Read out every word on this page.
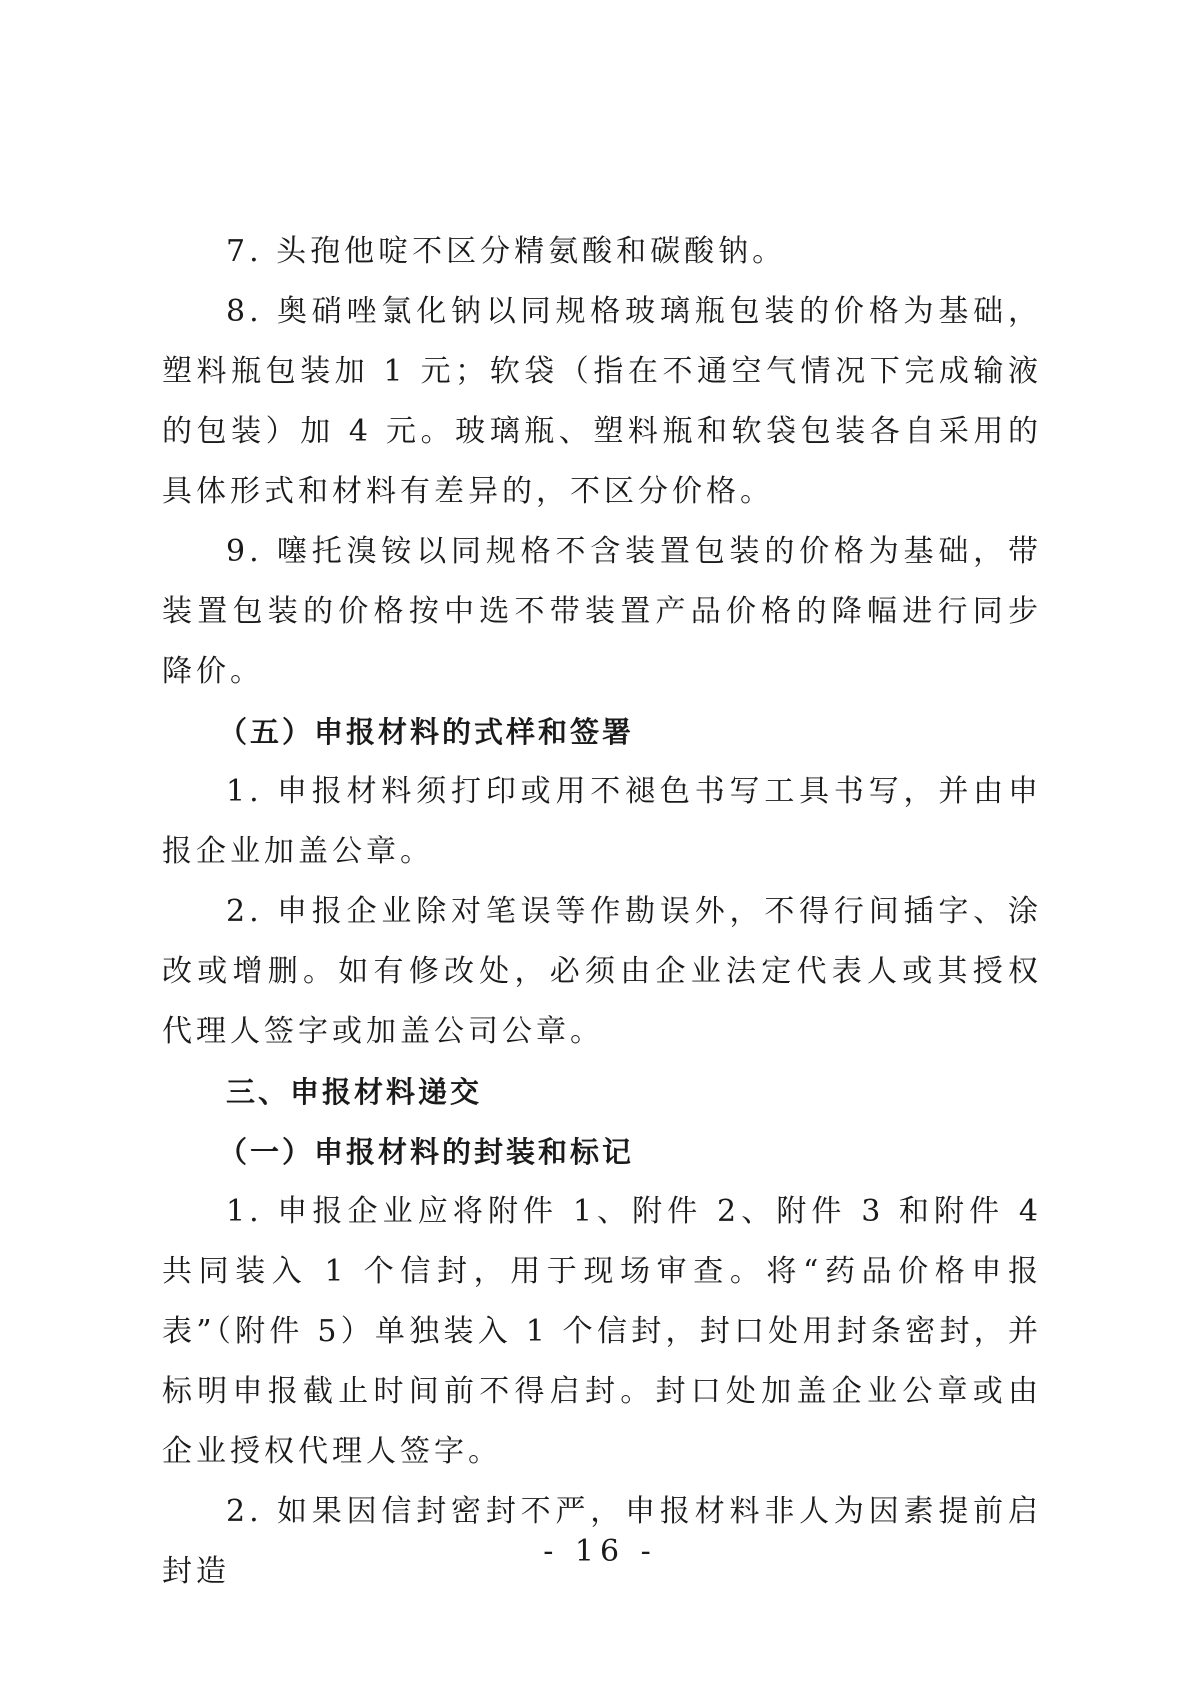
7. 头孢他啶不区分精氨酸和碳酸钠。

8. 奥硝唑氯化钠以同规格玻璃瓶包装的价格为基础，塑料瓶包装加 1 元；软袋（指在不通空气情况下完成输液的包装）加 4 元。玻璃瓶、塑料瓶和软袋包装各自采用的具体形式和材料有差异的，不区分价格。

9. 噻托溴铵以同规格不含装置包装的价格为基础，带装置包装的价格按中选不带装置产品价格的降幅进行同步降价。

（五）申报材料的式样和签署

1. 申报材料须打印或用不褪色书写工具书写，并由申报企业加盖公章。

2. 申报企业除对笔误等作勘误外，不得行间插字、涂改或增删。如有修改处，必须由企业法定代表人或其授权代理人签字或加盖公司公章。

三、申报材料递交

（一）申报材料的封装和标记

1. 申报企业应将附件 1、附件 2、附件 3 和附件 4 共同装入 1 个信封，用于现场审查。将“药品价格申报表”（附件 5）单独装入 1 个信封，封口处用封条密封，并标明申报截止时间前不得启封。封口处加盖企业公章或由企业授权代理人签字。

2. 如果因信封密封不严，申报材料非人为因素提前启封造

- 16 -
